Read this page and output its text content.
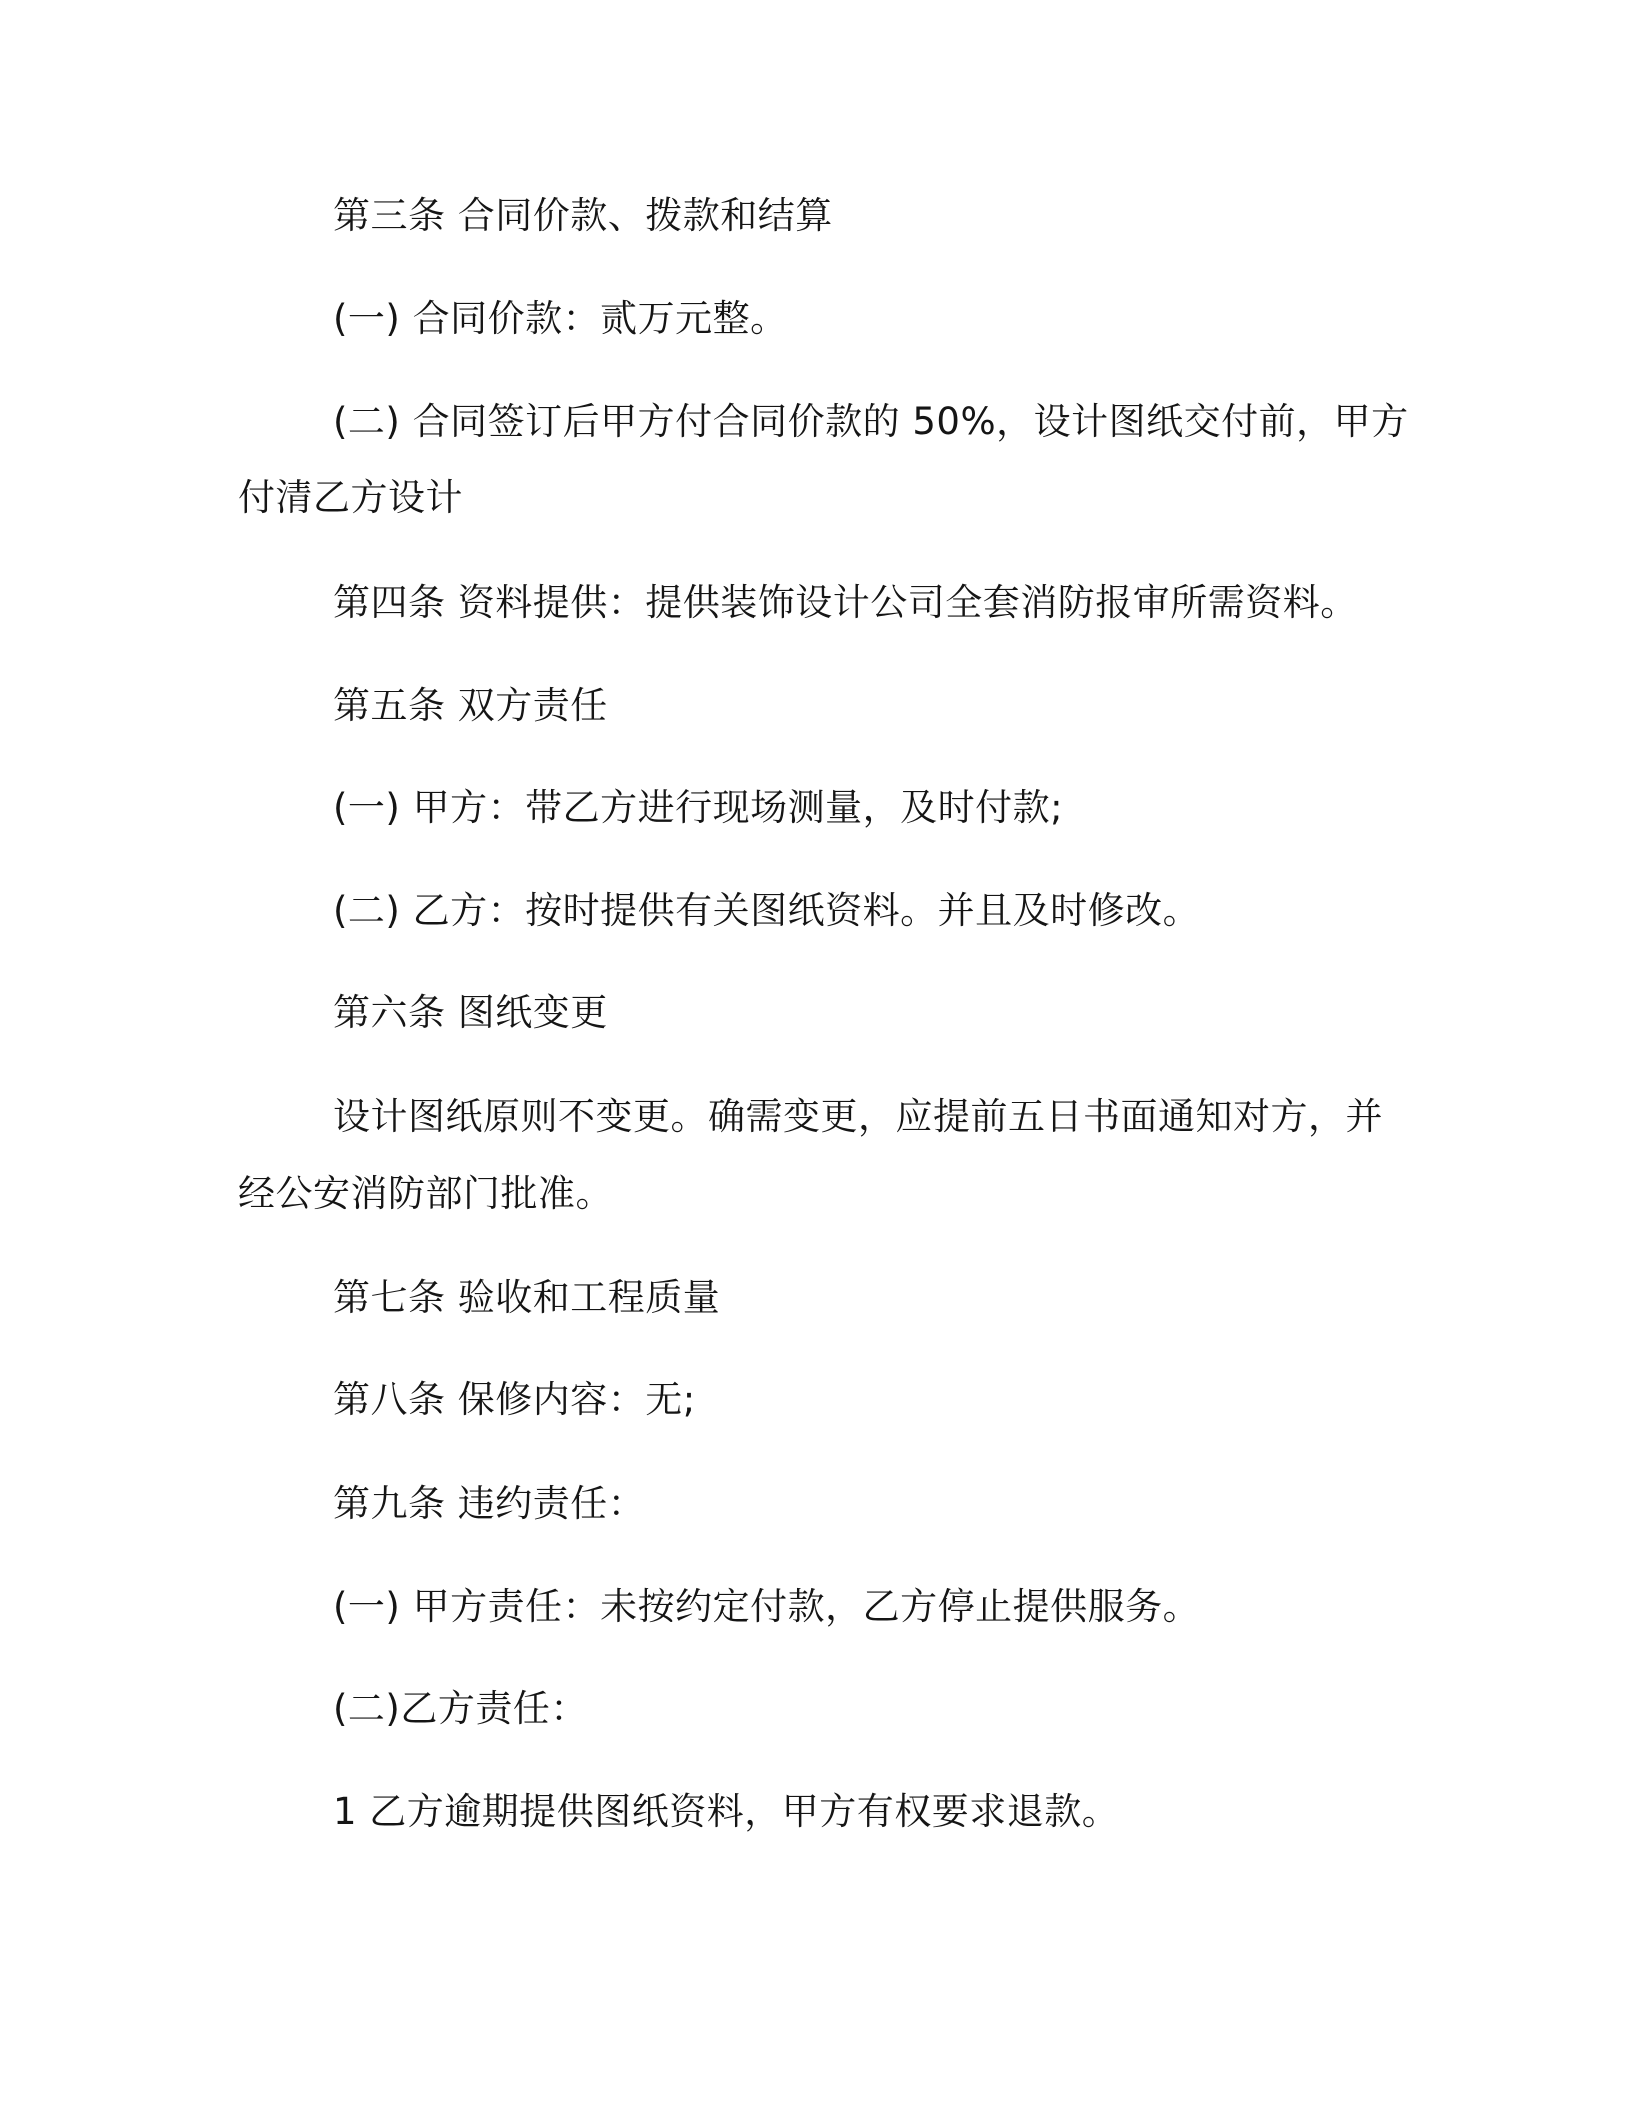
第三条 合同价款、拨款和结算
(一) 合同价款：贰万元整。
(二) 合同签订后甲方付合同价款的 50%，设计图纸交付前，甲方
付清乙方设计
第四条 资料提供：提供装饰设计公司全套消防报审所需资料。
第五条 双方责任
(一) 甲方：带乙方进行现场测量，及时付款;
(二) 乙方：按时提供有关图纸资料。并且及时修改。
第六条 图纸变更
设计图纸原则不变更。确需变更，应提前五日书面通知对方，并
经公安消防部门批准。
第七条 验收和工程质量
第八条 保修内容：无;
第九条 违约责任：
(一) 甲方责任：未按约定付款，乙方停止提供服务。
(二)乙方责任：
1 乙方逾期提供图纸资料，甲方有权要求退款。
